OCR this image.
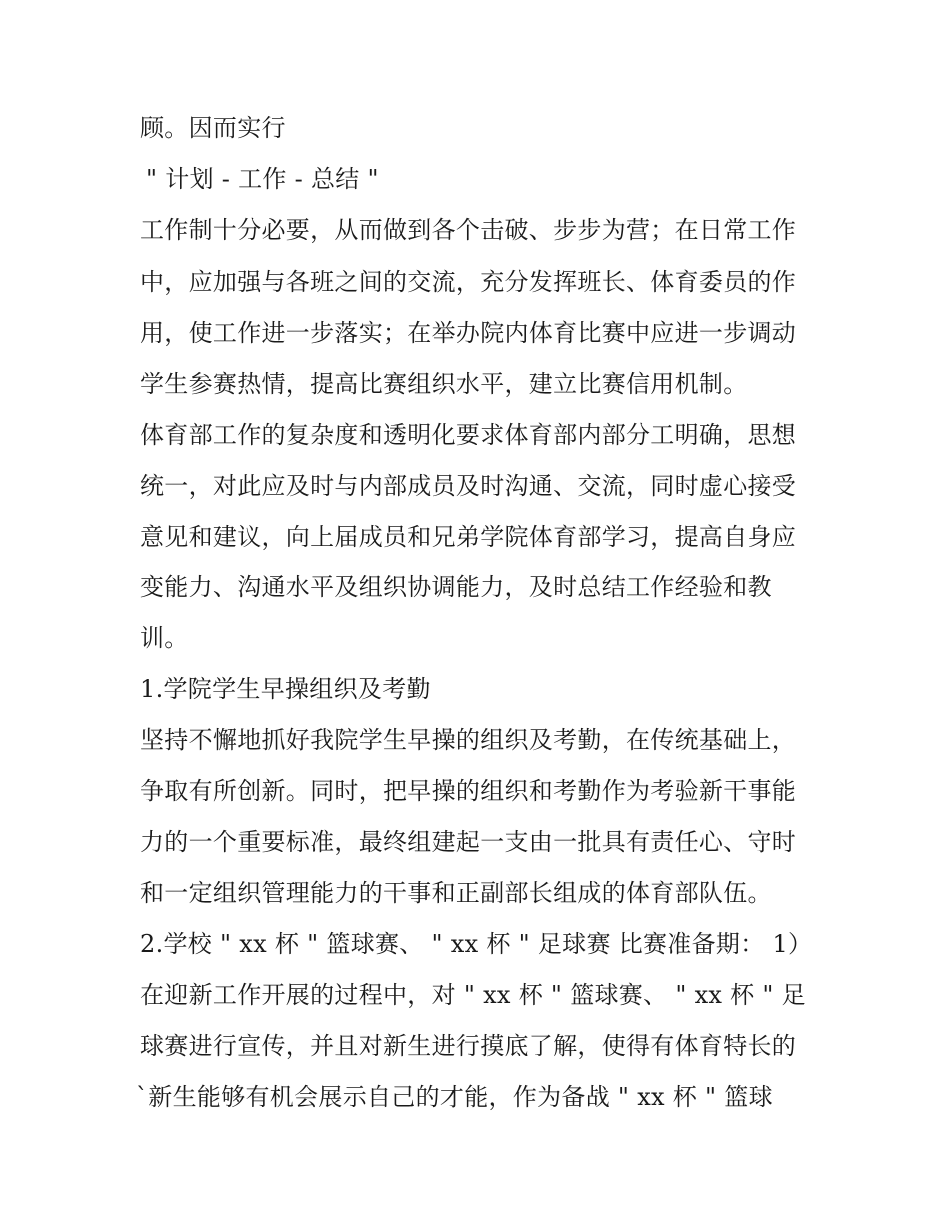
顾。因而实行
" 计划 - 工作 - 总结 "
工作制十分必要，从而做到各个击破、步步为营；在日常工作
中，应加强与各班之间的交流，充分发挥班长、体育委员的作
用，使工作进一步落实；在举办院内体育比赛中应进一步调动
学生参赛热情，提高比赛组织水平，建立比赛信用机制。
体育部工作的复杂度和透明化要求体育部内部分工明确，思想
统一，对此应及时与内部成员及时沟通、交流，同时虚心接受
意见和建议，向上届成员和兄弟学院体育部学习，提高自身应
变能力、沟通水平及组织协调能力，及时总结工作经验和教
训。
1.学院学生早操组织及考勤
坚持不懈地抓好我院学生早操的组织及考勤，在传统基础上，
争取有所创新。同时，把早操的组织和考勤作为考验新干事能
力的一个重要标准，最终组建起一支由一批具有责任心、守时
和一定组织管理能力的干事和正副部长组成的体育部队伍。
2.学校 " xx 杯 " 篮球赛、 " xx 杯 " 足球赛 比赛准备期： 1）
在迎新工作开展的过程中，对 " xx 杯 " 篮球赛、 " xx 杯 " 足
球赛进行宣传，并且对新生进行摸底了解，使得有体育特长的
`新生能够有机会展示自己的才能，作为备战 " xx 杯 " 篮球
